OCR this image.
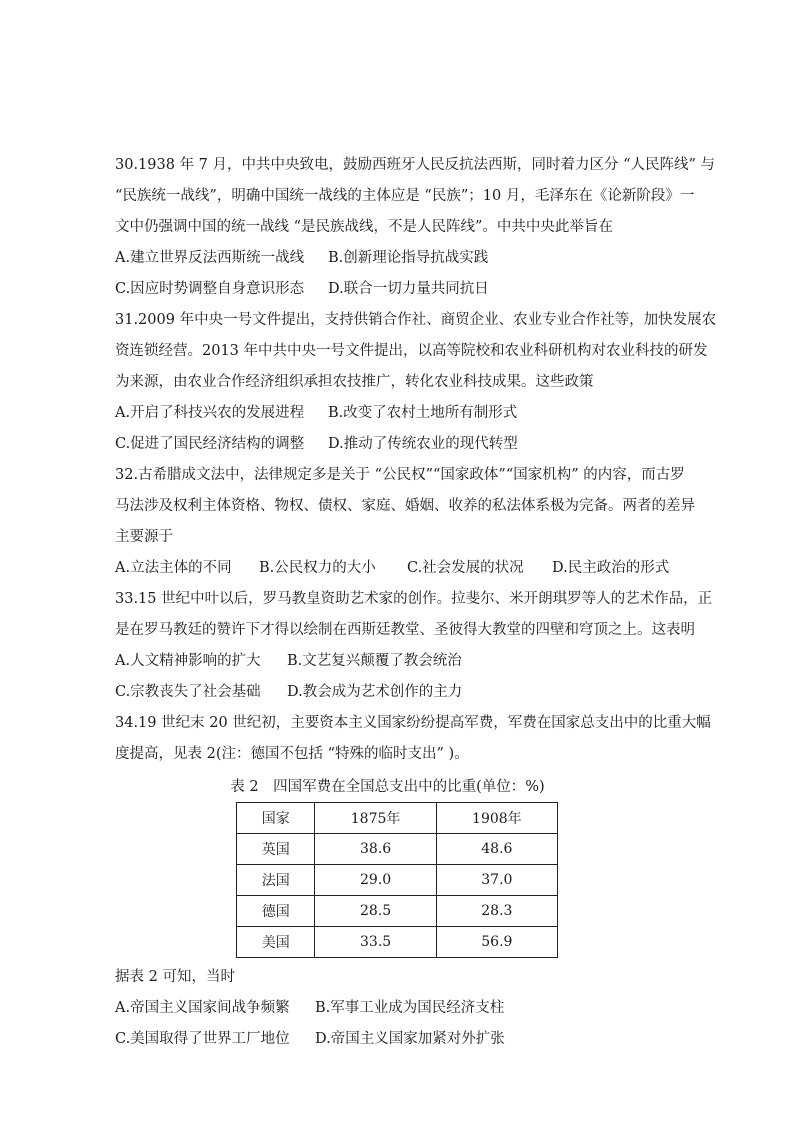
30.1938 年 7 月，中共中央致电，鼓励西班牙人民反抗法西斯，同时着力区分 “人民阵线” 与
“民族统一战线”，明确中国统一战线的主体应是 “民族”；10 月，毛泽东在《论新阶段》一
文中仍强调中国的统一战线 “是民族战线，不是人民阵线”。中共中央此举旨在
A.建立世界反法西斯统一战线 B.创新理论指导抗战实践
C.因应时势调整自身意识形态 D.联合一切力量共同抗日
31.2009 年中央一号文件提出，支持供销合作社、商贸企业、农业专业合作社等，加快发展农
资连锁经营。2013 年中共中央一号文件提出，以高等院校和农业科研机构对农业科技的研发
为来源，由农业合作经济组织承担农技推广，转化农业科技成果。这些政策
A.开启了科技兴农的发展进程 B.改变了农村土地所有制形式
C.促进了国民经济结构的调整 D.推动了传统农业的现代转型
32.古希腊成文法中，法律规定多是关于 “公民权”“国家政体”“国家机构” 的内容，而古罗
马法涉及权利主体资格、物权、债权、家庭、婚姻、收养的私法体系极为完备。两者的差异
主要源于
A.立法主体的不同 B.公民权力的大小 C.社会发展的状况 D.民主政治的形式
33.15 世纪中叶以后，罗马教皇资助艺术家的创作。拉斐尔、米开朗琪罗等人的艺术作品，正
是在罗马教廷的赞许下才得以绘制在西斯廷教堂、圣彼得大教堂的四壁和穹顶之上。这表明
A.人文精神影响的扩大 B.文艺复兴颠覆了教会统治
C.宗教丧失了社会基础 D.教会成为艺术创作的主力
34.19 世纪末 20 世纪初，主要资本主义国家纷纷提高军费，军费在国家总支出中的比重大幅
度提高，见表 2(注：德国不包括 “特殊的临时支出” )。
表 2　四国军费在全国总支出中的比重(单位：%)
国家	1875年	1908年
英国	38.6	48.6
法国	29.0	37.0
德国	28.5	28.3
美国	33.5	56.9
据表 2 可知，当时
A.帝国主义国家间战争频繁 B.军事工业成为国民经济支柱
C.美国取得了世界工厂地位 D.帝国主义国家加紧对外扩张
